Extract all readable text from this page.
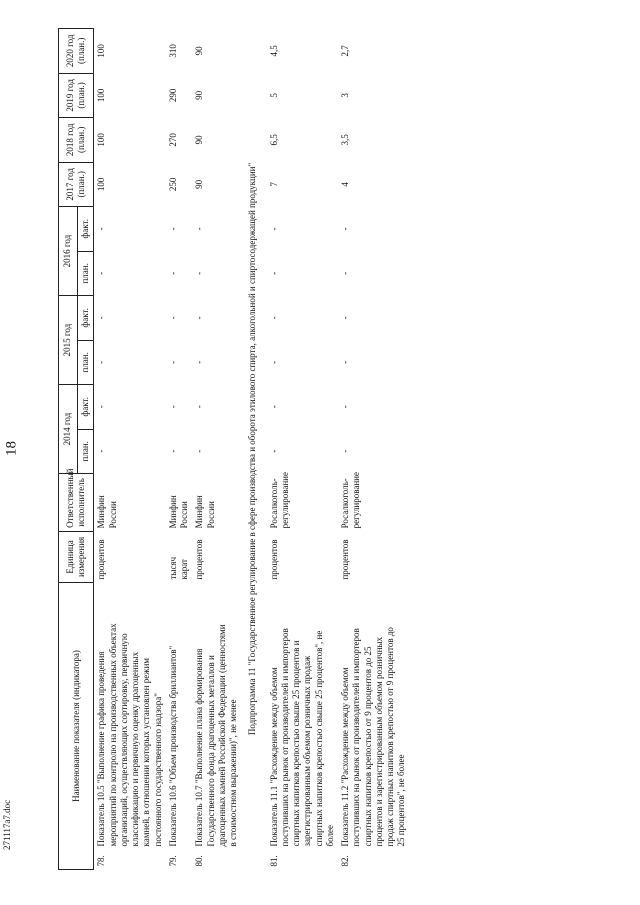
18
Наименование показателя (индикатора)	Единица измерения	Ответственный исполнитель	2014 год		2015 год		2016 год		2017 год (план.)	2018 год (план.)	2019 год (план.)	2020 год (план.)
			план.	факт.	план.	факт.	план.	факт.				
78.Показатель 10.5 "Выполнение графика проведения мероприятий по контролю на производственных объектах организаций, осуществляющих сортировку, первичную классификацию и первичную оценку драгоценных камней, в отношении которых установлен режим постоянного государственного надзора"	процентов	Минфин России	-	-	-	-	-	-	100	100	100	100
79.Показатель 10.6 "Объем производства бриллиантов"	тысяч карат	Минфин России	-	-	-	-	-	-	250	270	290	310
80.Показатель 10.7 "Выполнение плана формирования Государственного фонда драгоценных металлов и драгоценных камней Российской Федерации (ценностями в стоимостном выражении)", не менее	процентов	Минфин России	-	-	-	-	-	-	90	90	90	90
Подпрограмма 11 "Государственное регулирование в сфере производства и оборота этилового спирта, алкогольной и спиртосодержащей продукции"												
81.Показатель 11.1 "Расхождение между объемом поступивших на рынок от производителей и импортеров спиртных напитков крепостью свыше 25 процентов и зарегистрированным объемом розничных продаж спиртных напитков крепостью свыше 25 процентов", не более	процентов	Росалкоголь-регулирование	-	-	-	-	-	-	7	6,5	5	4,5
82.Показатель 11.2 "Расхождение между объемом поступивших на рынок от производителей и импортеров спиртных напитков крепостью от 9 процентов до 25 процентов и зарегистрированным объемом розничных продаж спиртных напитков крепостью от 9 процентов до 25 процентов", не более	процентов	Росалкоголь-регулирование	-	-	-	-	-	-	4	3,5	3	2,7
271117a7.doc
